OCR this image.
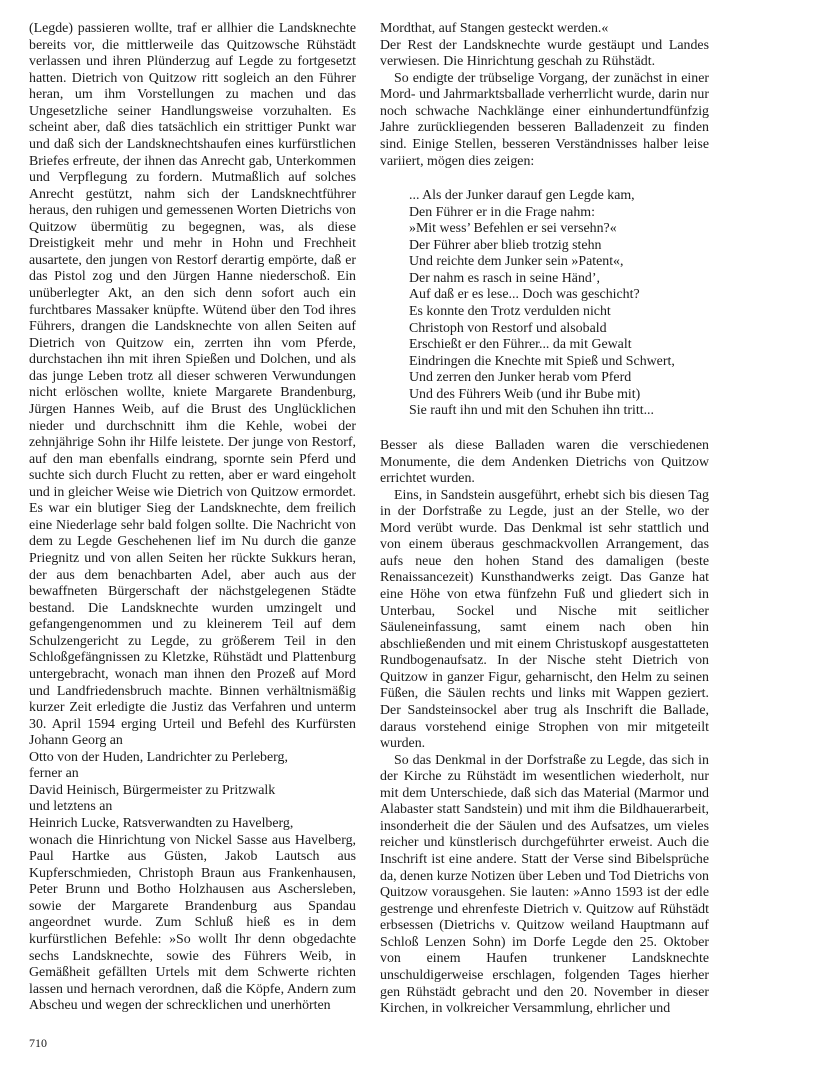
(Legde) passieren wollte, traf er allhier die Landsknechte bereits vor, die mittlerweile das Quitzowsche Rühstädt verlassen und ihren Plünderzug auf Legde zu fortgesetzt hatten. Dietrich von Quitzow ritt sogleich an den Führer heran, um ihm Vorstellungen zu machen und das Ungesetzliche seiner Handlungsweise vorzuhalten. Es scheint aber, daß dies tatsächlich ein strittiger Punkt war und daß sich der Landsknechtshaufen eines kurfürstlichen Briefes erfreute, der ihnen das Anrecht gab, Unterkommen und Verpflegung zu fordern. Mutmaßlich auf solches Anrecht gestützt, nahm sich der Landsknechtführer heraus, den ruhigen und gemessenen Worten Dietrichs von Quitzow übermütig zu begegnen, was, als diese Dreistigkeit mehr und mehr in Hohn und Frechheit ausartete, den jungen von Restorf derartig empörte, daß er das Pistol zog und den Jürgen Hanne niederschoß. Ein unüberlegter Akt, an den sich denn sofort auch ein furchtbares Massaker knüpfte. Wütend über den Tod ihres Führers, drangen die Landsknechte von allen Seiten auf Dietrich von Quitzow ein, zerrten ihn vom Pferde, durchstachen ihn mit ihren Spießen und Dolchen, und als das junge Leben trotz all dieser schweren Verwundungen nicht erlöschen wollte, kniete Margarete Brandenburg, Jürgen Hannes Weib, auf die Brust des Unglücklichen nieder und durchschnitt ihm die Kehle, wobei der zehnjährige Sohn ihr Hilfe leistete. Der junge von Restorf, auf den man ebenfalls eindrang, spornte sein Pferd und suchte sich durch Flucht zu retten, aber er ward eingeholt und in gleicher Weise wie Dietrich von Quitzow ermordet. Es war ein blutiger Sieg der Landsknechte, dem freilich eine Niederlage sehr bald folgen sollte. Die Nachricht von dem zu Legde Geschehenen lief im Nu durch die ganze Priegnitz und von allen Seiten her rückte Sukkurs heran, der aus dem benachbarten Adel, aber auch aus der bewaffneten Bürgerschaft der nächstgelegenen Städte bestand. Die Landsknechte wurden umzingelt und gefangengenommen und zu kleinerem Teil auf dem Schulzengericht zu Legde, zu größerem Teil in den Schloßgefängnissen zu Kletzke, Rühstädt und Plattenburg untergebracht, wonach man ihnen den Prozeß auf Mord und Landfriedensbruch machte. Binnen verhältnismäßig kurzer Zeit erledigte die Justiz das Verfahren und unterm 30. April 1594 erging Urteil und Befehl des Kurfürsten Johann Georg an

Otto von der Huden, Landrichter zu Perleberg,
ferner an
David Heinisch, Bürgermeister zu Pritzwalk
und letztens an
Heinrich Lucke, Ratsverwandten zu Havelberg,

wonach die Hinrichtung von Nickel Sasse aus Havelberg, Paul Hartke aus Güsten, Jakob Lautsch aus Kupferschmieden, Christoph Braun aus Frankenhausen, Peter Brunn und Botho Holzhausen aus Aschersleben, sowie der Margarete Brandenburg aus Spandau angeordnet wurde. Zum Schluß hieß es in dem kurfürstlichen Befehle: »So wollt Ihr denn obgedachte sechs Landsknechte, sowie des Führers Weib, in Gemäßheit gefällten Urtels mit dem Schwerte richten lassen und hernach verordnen, daß die Köpfe, Andern zum Abscheu und wegen der schrecklichen und unerhörten

Mordthat, auf Stangen gesteckt werden.«

Der Rest der Landsknechte wurde gestäupt und Landes verwiesen. Die Hinrichtung geschah zu Rühstädt.

So endigte der trübselige Vorgang, der zunächst in einer Mord- und Jahrmarktsballade verherrlicht wurde, darin nur noch schwache Nachklänge einer einhundertundfünfzig Jahre zurückliegenden besseren Balladenzeit zu finden sind. Einige Stellen, besseren Verständnisses halber leise variiert, mögen dies zeigen:

... Als der Junker darauf gen Legde kam,
Den Führer er in die Frage nahm:
»Mit wess’ Befehlen er sei versehn?«
Der Führer aber blieb trotzig stehn
Und reichte dem Junker sein »Patent«,
Der nahm es rasch in seine Händ’,
Auf daß er es lese... Doch was geschicht?
Es konnte den Trotz verdulden nicht
Christoph von Restorf und alsobald
Erschießt er den Führer... da mit Gewalt
Eindringen die Knechte mit Spieß und Schwert,
Und zerren den Junker herab vom Pferd
Und des Führers Weib (und ihr Bube mit)
Sie rauft ihn und mit den Schuhen ihn tritt...

Besser als diese Balladen waren die verschiedenen Monumente, die dem Andenken Dietrichs von Quitzow errichtet wurden.

Eins, in Sandstein ausgeführt, erhebt sich bis diesen Tag in der Dorfstraße zu Legde, just an der Stelle, wo der Mord verübt wurde. Das Denkmal ist sehr stattlich und von einem überaus geschmackvollen Arrangement, das aufs neue den hohen Stand des damaligen (beste Renaissancezeit) Kunsthandwerks zeigt. Das Ganze hat eine Höhe von etwa fünfzehn Fuß und gliedert sich in Unterbau, Sockel und Nische mit seitlicher Säuleneinfassung, samt einem nach oben hin abschließenden und mit einem Christuskopf ausgestatteten Rundbogenaufsatz. In der Nische steht Dietrich von Quitzow in ganzer Figur, geharnischt, den Helm zu seinen Füßen, die Säulen rechts und links mit Wappen geziert. Der Sandsteinsockel aber trug als Inschrift die Ballade, daraus vorstehend einige Strophen von mir mitgeteilt wurden.

So das Denkmal in der Dorfstraße zu Legde, das sich in der Kirche zu Rühstädt im wesentlichen wiederholt, nur mit dem Unterschiede, daß sich das Material (Marmor und Alabaster statt Sandstein) und mit ihm die Bildhauerarbeit, insonderheit die der Säulen und des Aufsatzes, um vieles reicher und künstlerisch durchgeführter erweist. Auch die Inschrift ist eine andere. Statt der Verse sind Bibelsprüche da, denen kurze Notizen über Leben und Tod Dietrichs von Quitzow vorausgehen. Sie lauten: »Anno 1593 ist der edle gestrenge und ehrenfeste Dietrich v. Quitzow auf Rühstädt erbsessen (Dietrichs v. Quitzow weiland Hauptmann auf Schloß Lenzen Sohn) im Dorfe Legde den 25. Oktober von einem Haufen trunkener Landsknechte unschuldigerweise erschlagen, folgenden Tages hierher gen Rühstädt gebracht und den 20. November in dieser Kirchen, in volkreicher Versammlung, ehrlicher und

710
